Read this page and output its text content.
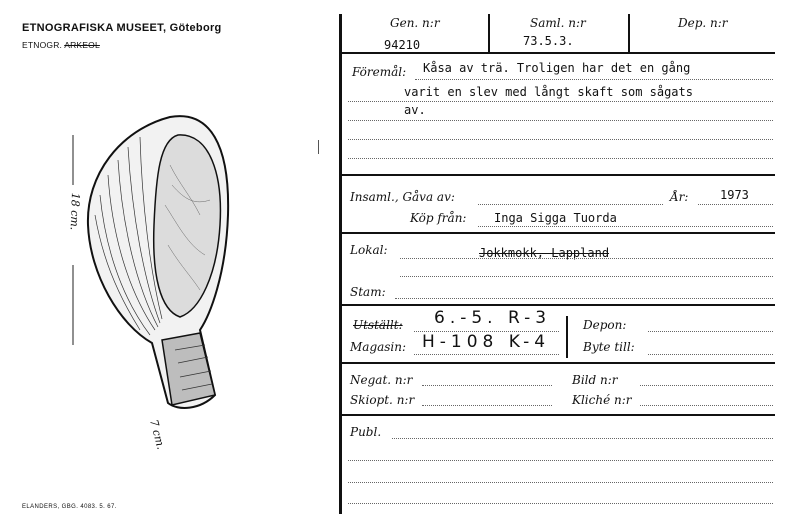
ETNOGRAFISKA MUSEET, Göteborg
ETNOGR. ARKEOL
18 cm.
7 cm.
ELANDERS, GBG. 4083. 5. 67.
Gen. n:r
94210
Saml. n:r
73.5.3.
Dep. n:r
Föremål: Kåsa av trä. Troligen har det en gång
varit en slev med långt skaft som sågats
av.
Insaml., Gåva av:	År:	1973
Köp från: Inga Sigga Tuorda
Lokal:	Jokkmokk, Lappland
Stam:
Utställt: 6.-5. R-3
Magasin: H-108 K-4
Depon:
Byte till:
Negat. n:r	Bild n:r
Skiopt. n:r	Kliché n:r
Publ.
